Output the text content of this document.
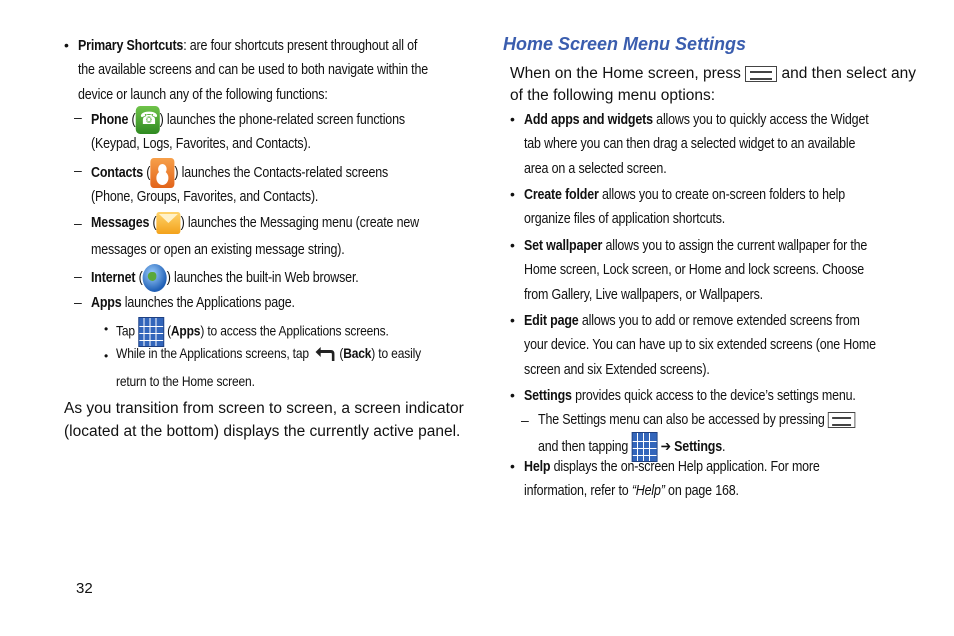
• Primary Shortcuts: are four shortcuts present throughout all of
the available screens and can be used to both navigate within the
device or launch any of the following functions:
– Phone (☎ ) launches the phone-related screen functions
(Keypad, Logs, Favorites, and Contacts).
– Contacts ( ) launches the Contacts-related screens
(Phone, Groups, Favorites, and Contacts).
– Messages ( ) launches the Messaging menu (create new
messages or open an existing message string).
– Internet ( ) launches the built-in Web browser.
– Apps launches the Applications page.
• Tap  (Apps) to access the Applications screens.
• While in the Applications screens, tap  (Back) to easily
return to the Home screen.
As you transition from screen to screen, a screen indicator
(located at the bottom) displays the currently active panel.
Home Screen Menu Settings
When on the Home screen, press	and then select any
of the following menu options:
• Add apps and widgets allows you to quickly access the Widget
tab where you can then drag a selected widget to an available
area on a selected screen.
• Create folder allows you to create on-screen folders to help
organize files of application shortcuts.
• Set wallpaper allows you to assign the current wallpaper for the
Home screen, Lock screen, or Home and lock screens. Choose
from Gallery, Live wallpapers, or Wallpapers.
• Edit page allows you to add or remove extended screens from
your device. You can have up to six extended screens (one Home
screen and six Extended screens).
• Settings provides quick access to the device’s settings menu.
– The Settings menu can also be accessed by pressing
and then tapping ➔ Settings.
• Help displays the on-screen Help application. For more
information, refer to “Help” on page 168.
32
